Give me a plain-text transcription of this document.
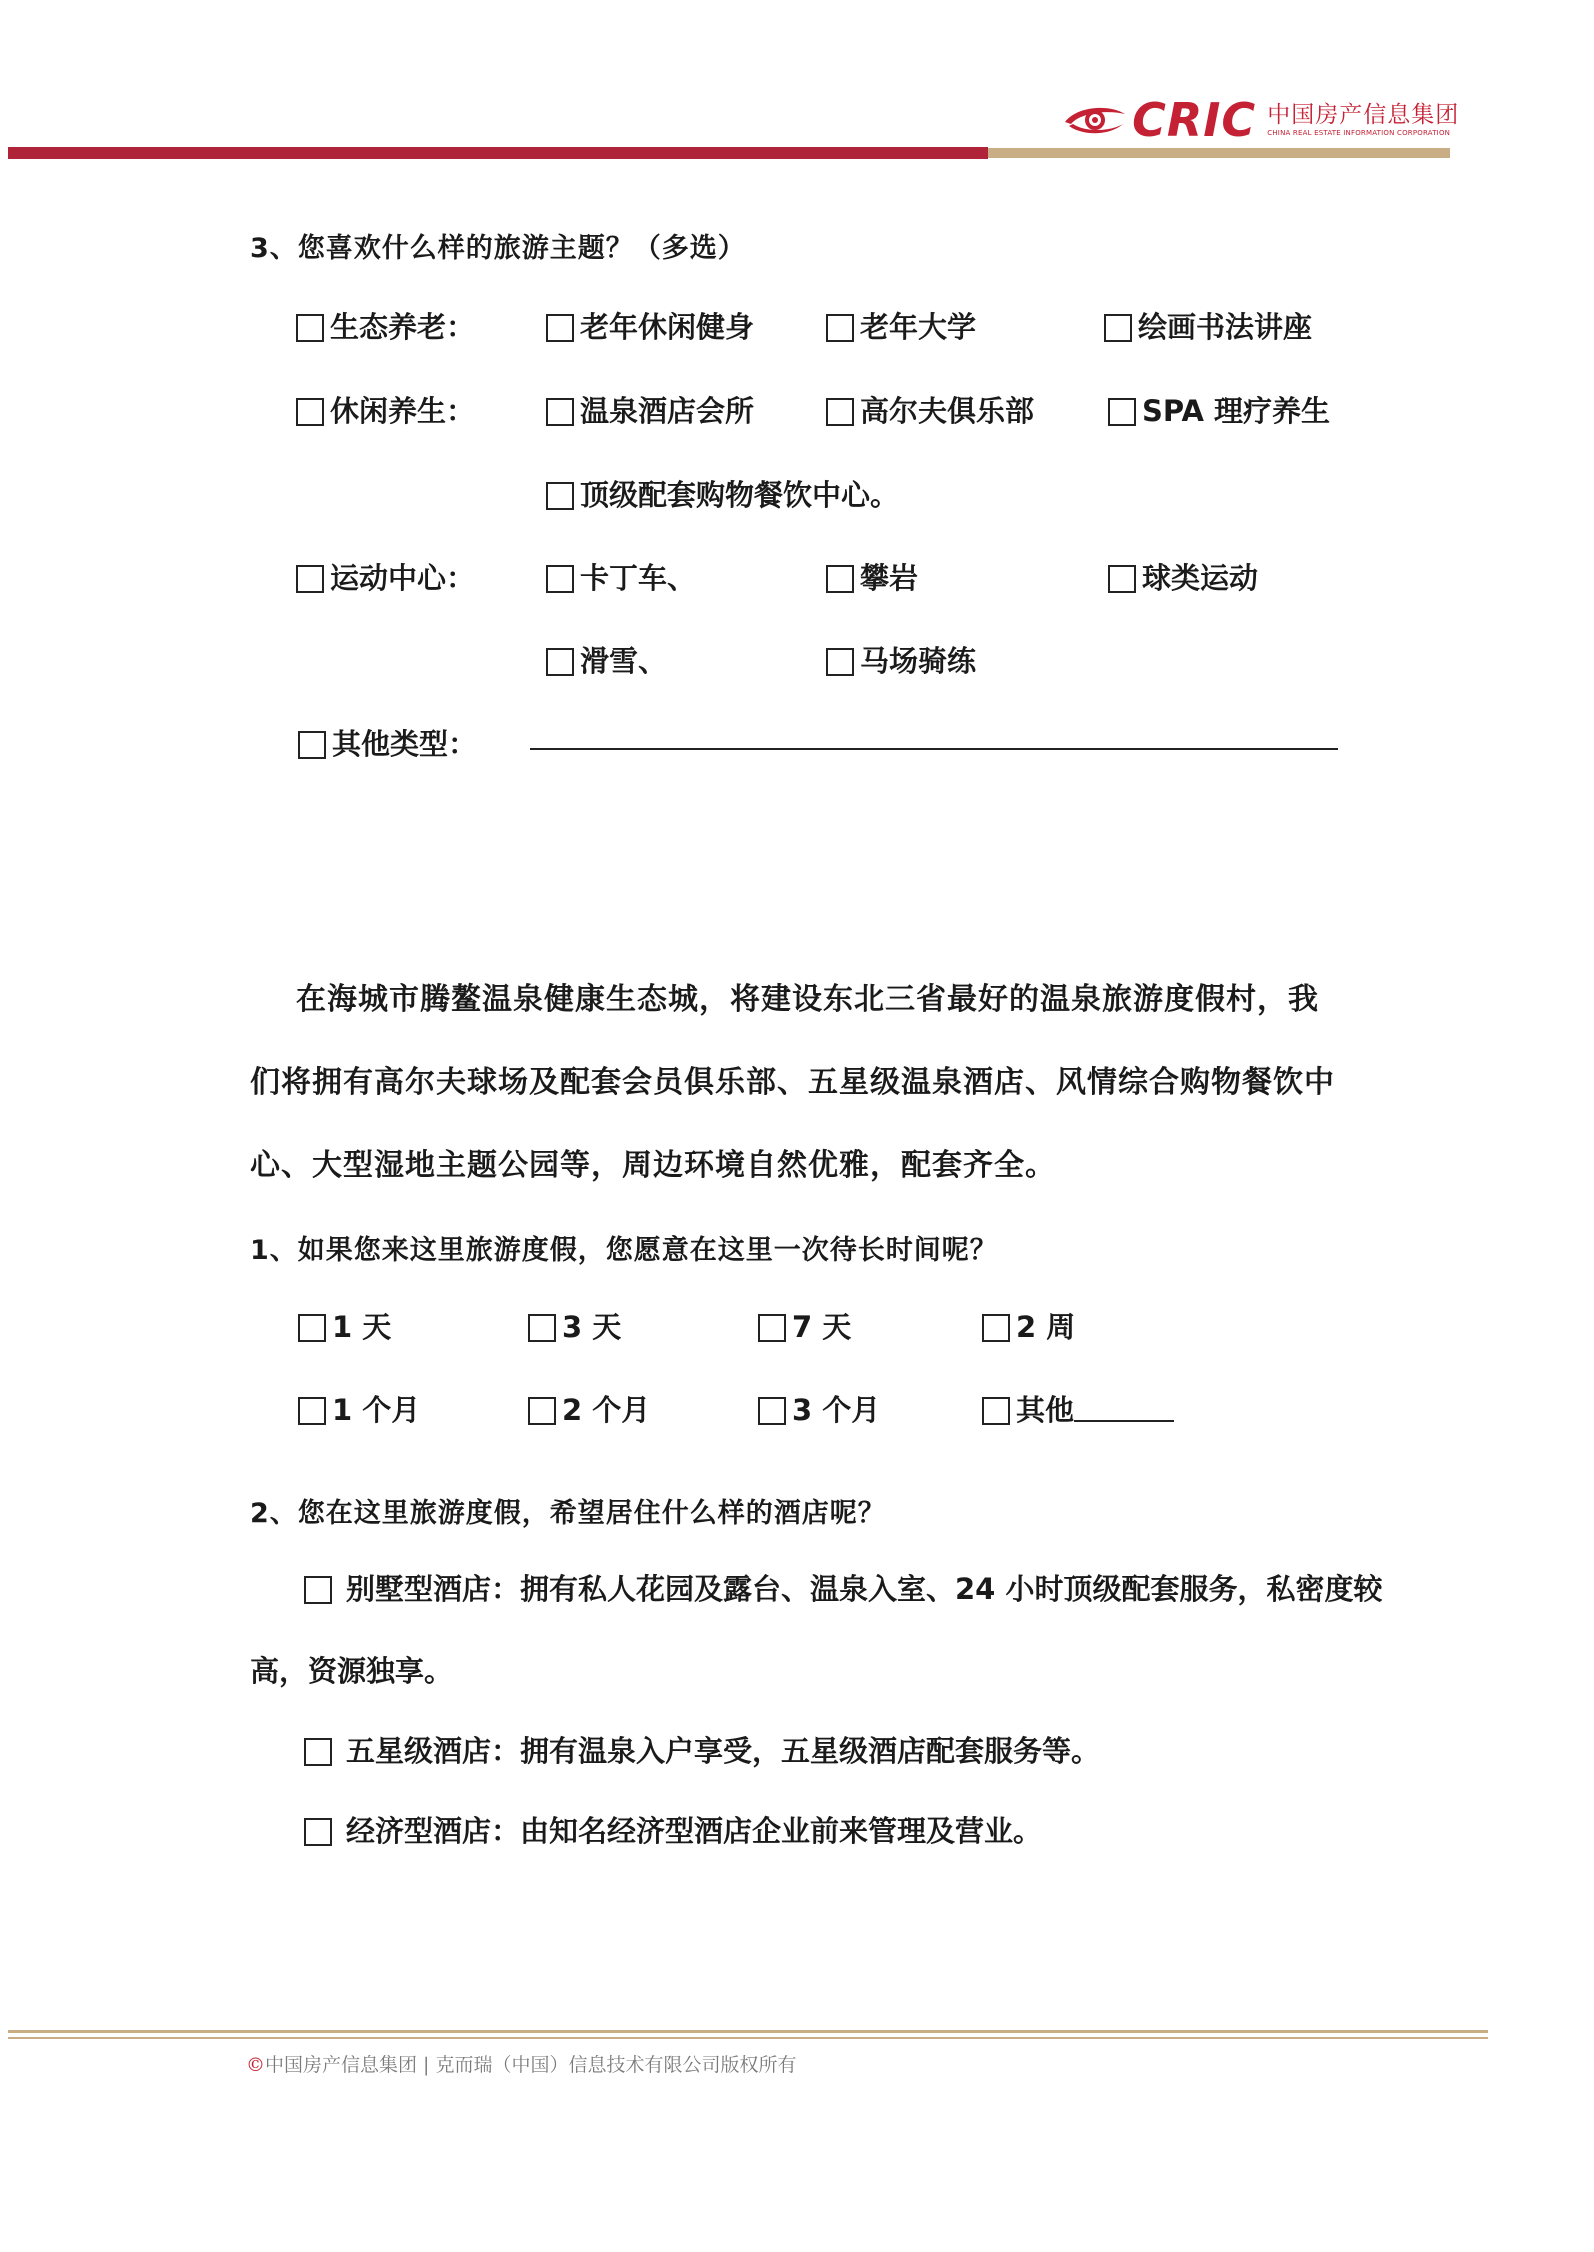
CRIC 中国房产信息集团
CHINA REAL ESTATE INFORMATION CORPORATION
3、您喜欢什么样的旅游主题？（多选）
生态养老：	老年休闲健身	老年大学	绘画书法讲座
休闲养生：	温泉酒店会所	高尔夫俱乐部	SPA 理疗养生
顶级配套购物餐饮中心。
运动中心：	卡丁车、	攀岩	球类运动
滑雪、	马场骑练
其他类型：
在海城市腾鳌温泉健康生态城，将建设东北三省最好的温泉旅游度假村，我
们将拥有高尔夫球场及配套会员俱乐部、五星级温泉酒店、风情综合购物餐饮中
心、大型湿地主题公园等，周边环境自然优雅，配套齐全。
1、如果您来这里旅游度假，您愿意在这里一次待长时间呢？
1 天	3 天	7 天	2 周
1 个月	2 个月	3 个月	其他
2、您在这里旅游度假，希望居住什么样的酒店呢？
别墅型酒店：拥有私人花园及露台、温泉入室、24 小时顶级配套服务，私密度较
高，资源独享。
五星级酒店：拥有温泉入户享受，五星级酒店配套服务等。
经济型酒店：由知名经济型酒店企业前来管理及营业。
©中国房产信息集团 | 克而瑞（中国）信息技术有限公司版权所有
